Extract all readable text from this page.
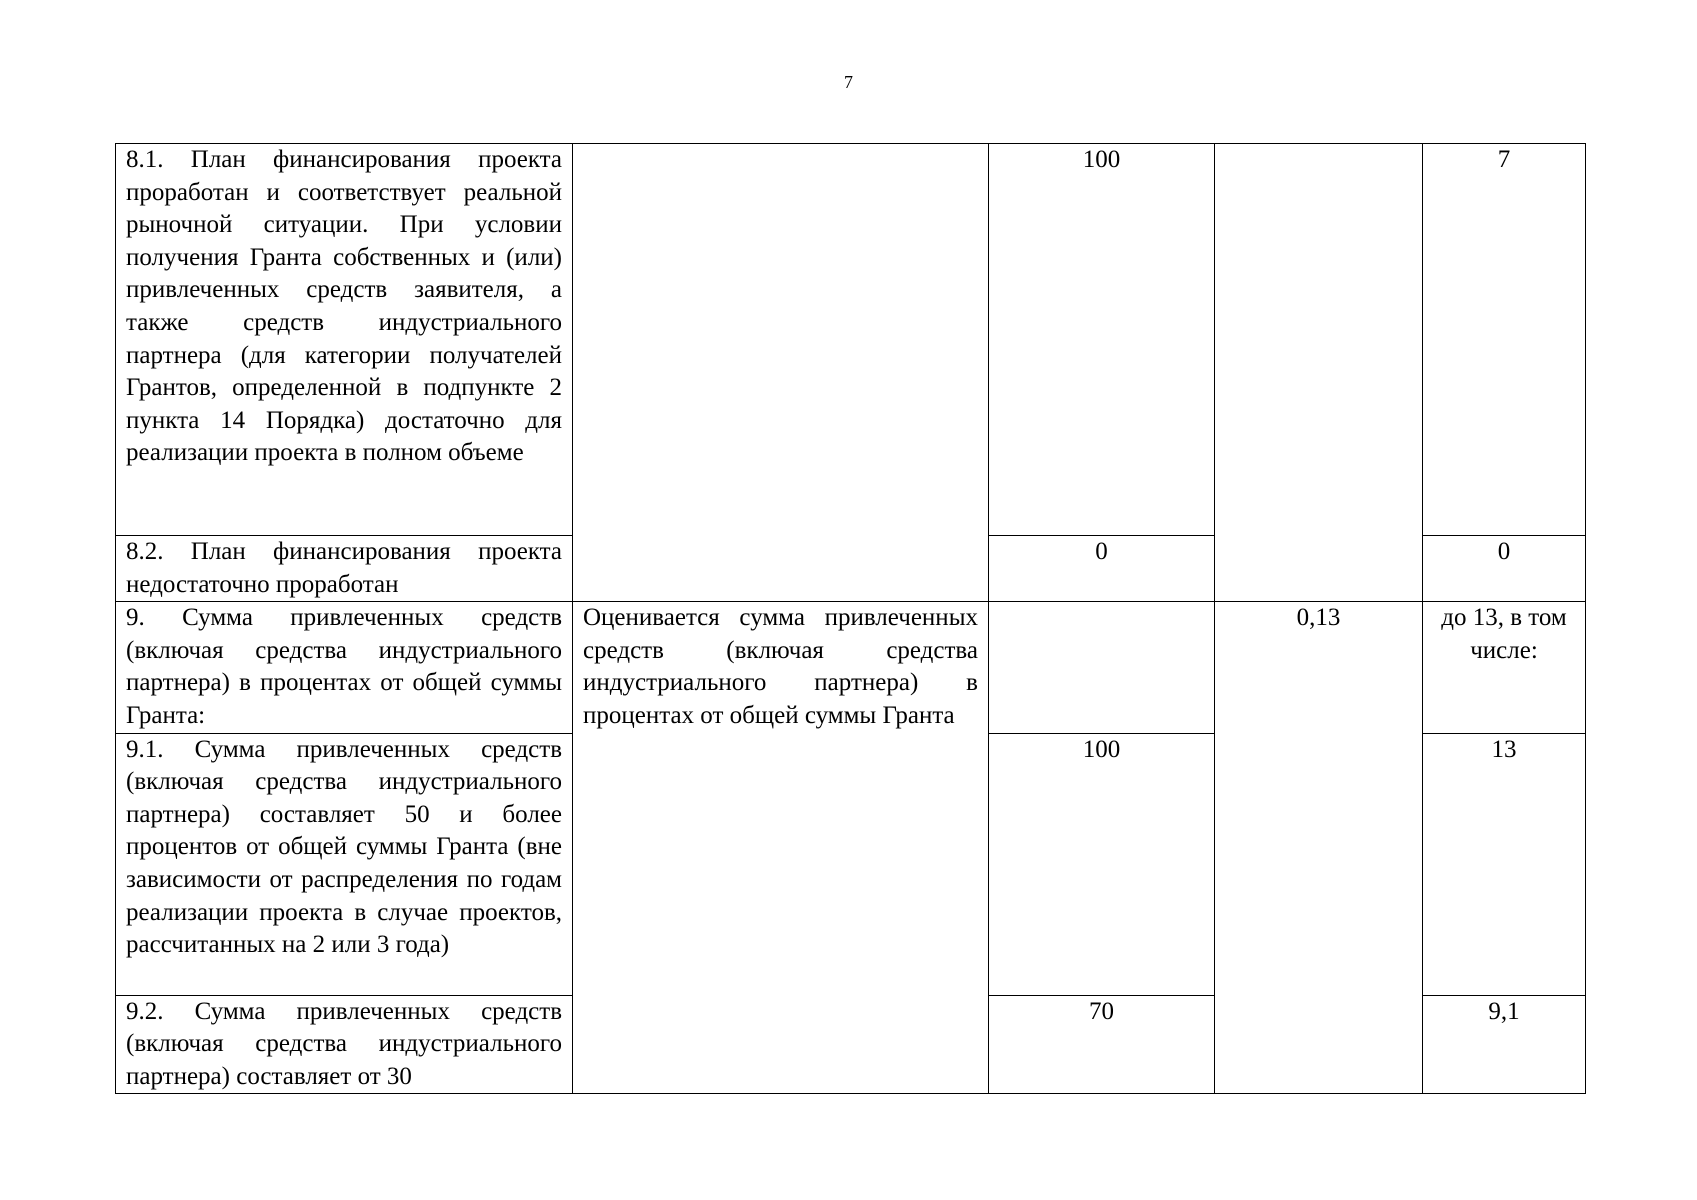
7
8.1. План финансирования проекта проработан и соответствует реальной рыночной ситуации. При условии получения Гранта собственных и (или) привлеченных средств заявителя, а также средств индустриального партнера (для категории получателей Грантов, определенной в подпункте 2 пункта 14 Порядка) достаточно для реализации проекта в полном объеме		100		7
8.2. План финансирования проекта недостаточно проработан		0		0
9. Сумма привлеченных средств (включая средства индустриального партнера) в процентах от общей суммы Гранта:	Оценивается сумма привлеченных средств (включая средства индустриального партнера) в процентах от общей суммы Гранта		0,13	до 13, в том числе:
9.1. Сумма привлеченных средств (включая средства индустриального партнера) составляет 50 и более процентов от общей суммы Гранта (вне зависимости от распределения по годам реализации проекта в случае проектов, рассчитанных на 2 или 3 года)		100		13
9.2. Сумма привлеченных средств (включая средства индустриального партнера) составляет от 30		70		9,1
